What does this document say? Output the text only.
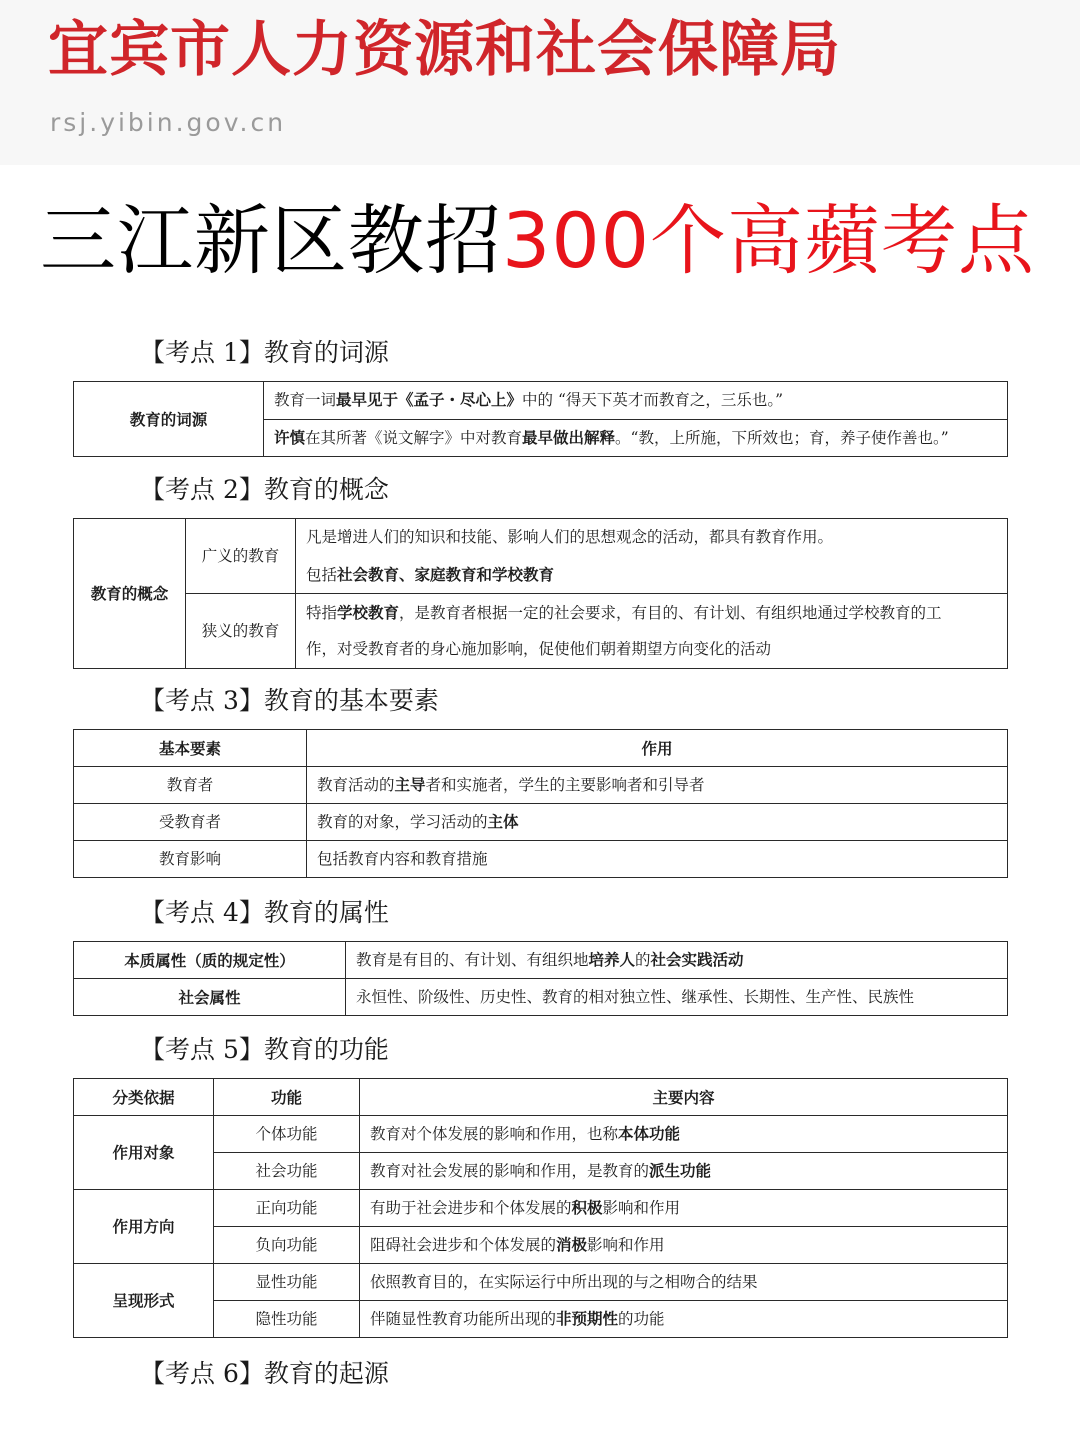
宜宾市人力资源和社会保障局
rsj.yibin.gov.cn
三江新区教招300个高蘋考点
【考点 1】教育的词源
教育的词源	教育一词最早见于《孟子・尽心上》中的 “得天下英才而教育之，三乐也。”
许慎在其所著《说文解字》中对教育最早做出解释。“教，上所施，下所效也；育，养子使作善也。”
【考点 2】教育的概念
教育的概念	广义的教育	凡是增进人们的知识和技能、影响人们的思想观念的活动，都具有教育作用。
包括社会教育、家庭教育和学校教育

	狭义的教育	特指学校教育，是教育者根据一定的社会要求，有目的、有计划、有组织地通过学校教育的工
作，对受教育者的身心施加影响，促使他们朝着期望方向变化的活动
【考点 3】教育的基本要素
基本要素	作用
教育者	教育活动的主导者和实施者，学生的主要影响者和引导者
受教育者	教育的对象，学习活动的主体
教育影响	包括教育内容和教育措施
【考点 4】教育的属性
本质属性（质的规定性）	教育是有目的、有计划、有组织地培养人的社会实践活动
社会属性	永恒性、阶级性、历史性、教育的相对独立性、继承性、长期性、生产性、民族性
【考点 5】教育的功能
分类依据	功能	主要内容
作用对象	个体功能	教育对个体发展的影响和作用，也称本体功能
	社会功能	教育对社会发展的影响和作用，是教育的派生功能
作用方向	正向功能	有助于社会进步和个体发展的积极影响和作用
	负向功能	阻碍社会进步和个体发展的消极影响和作用
呈现形式	显性功能	依照教育目的，在实际运行中所出现的与之相吻合的结果
	隐性功能	伴随显性教育功能所出现的非预期性的功能
【考点 6】教育的起源
